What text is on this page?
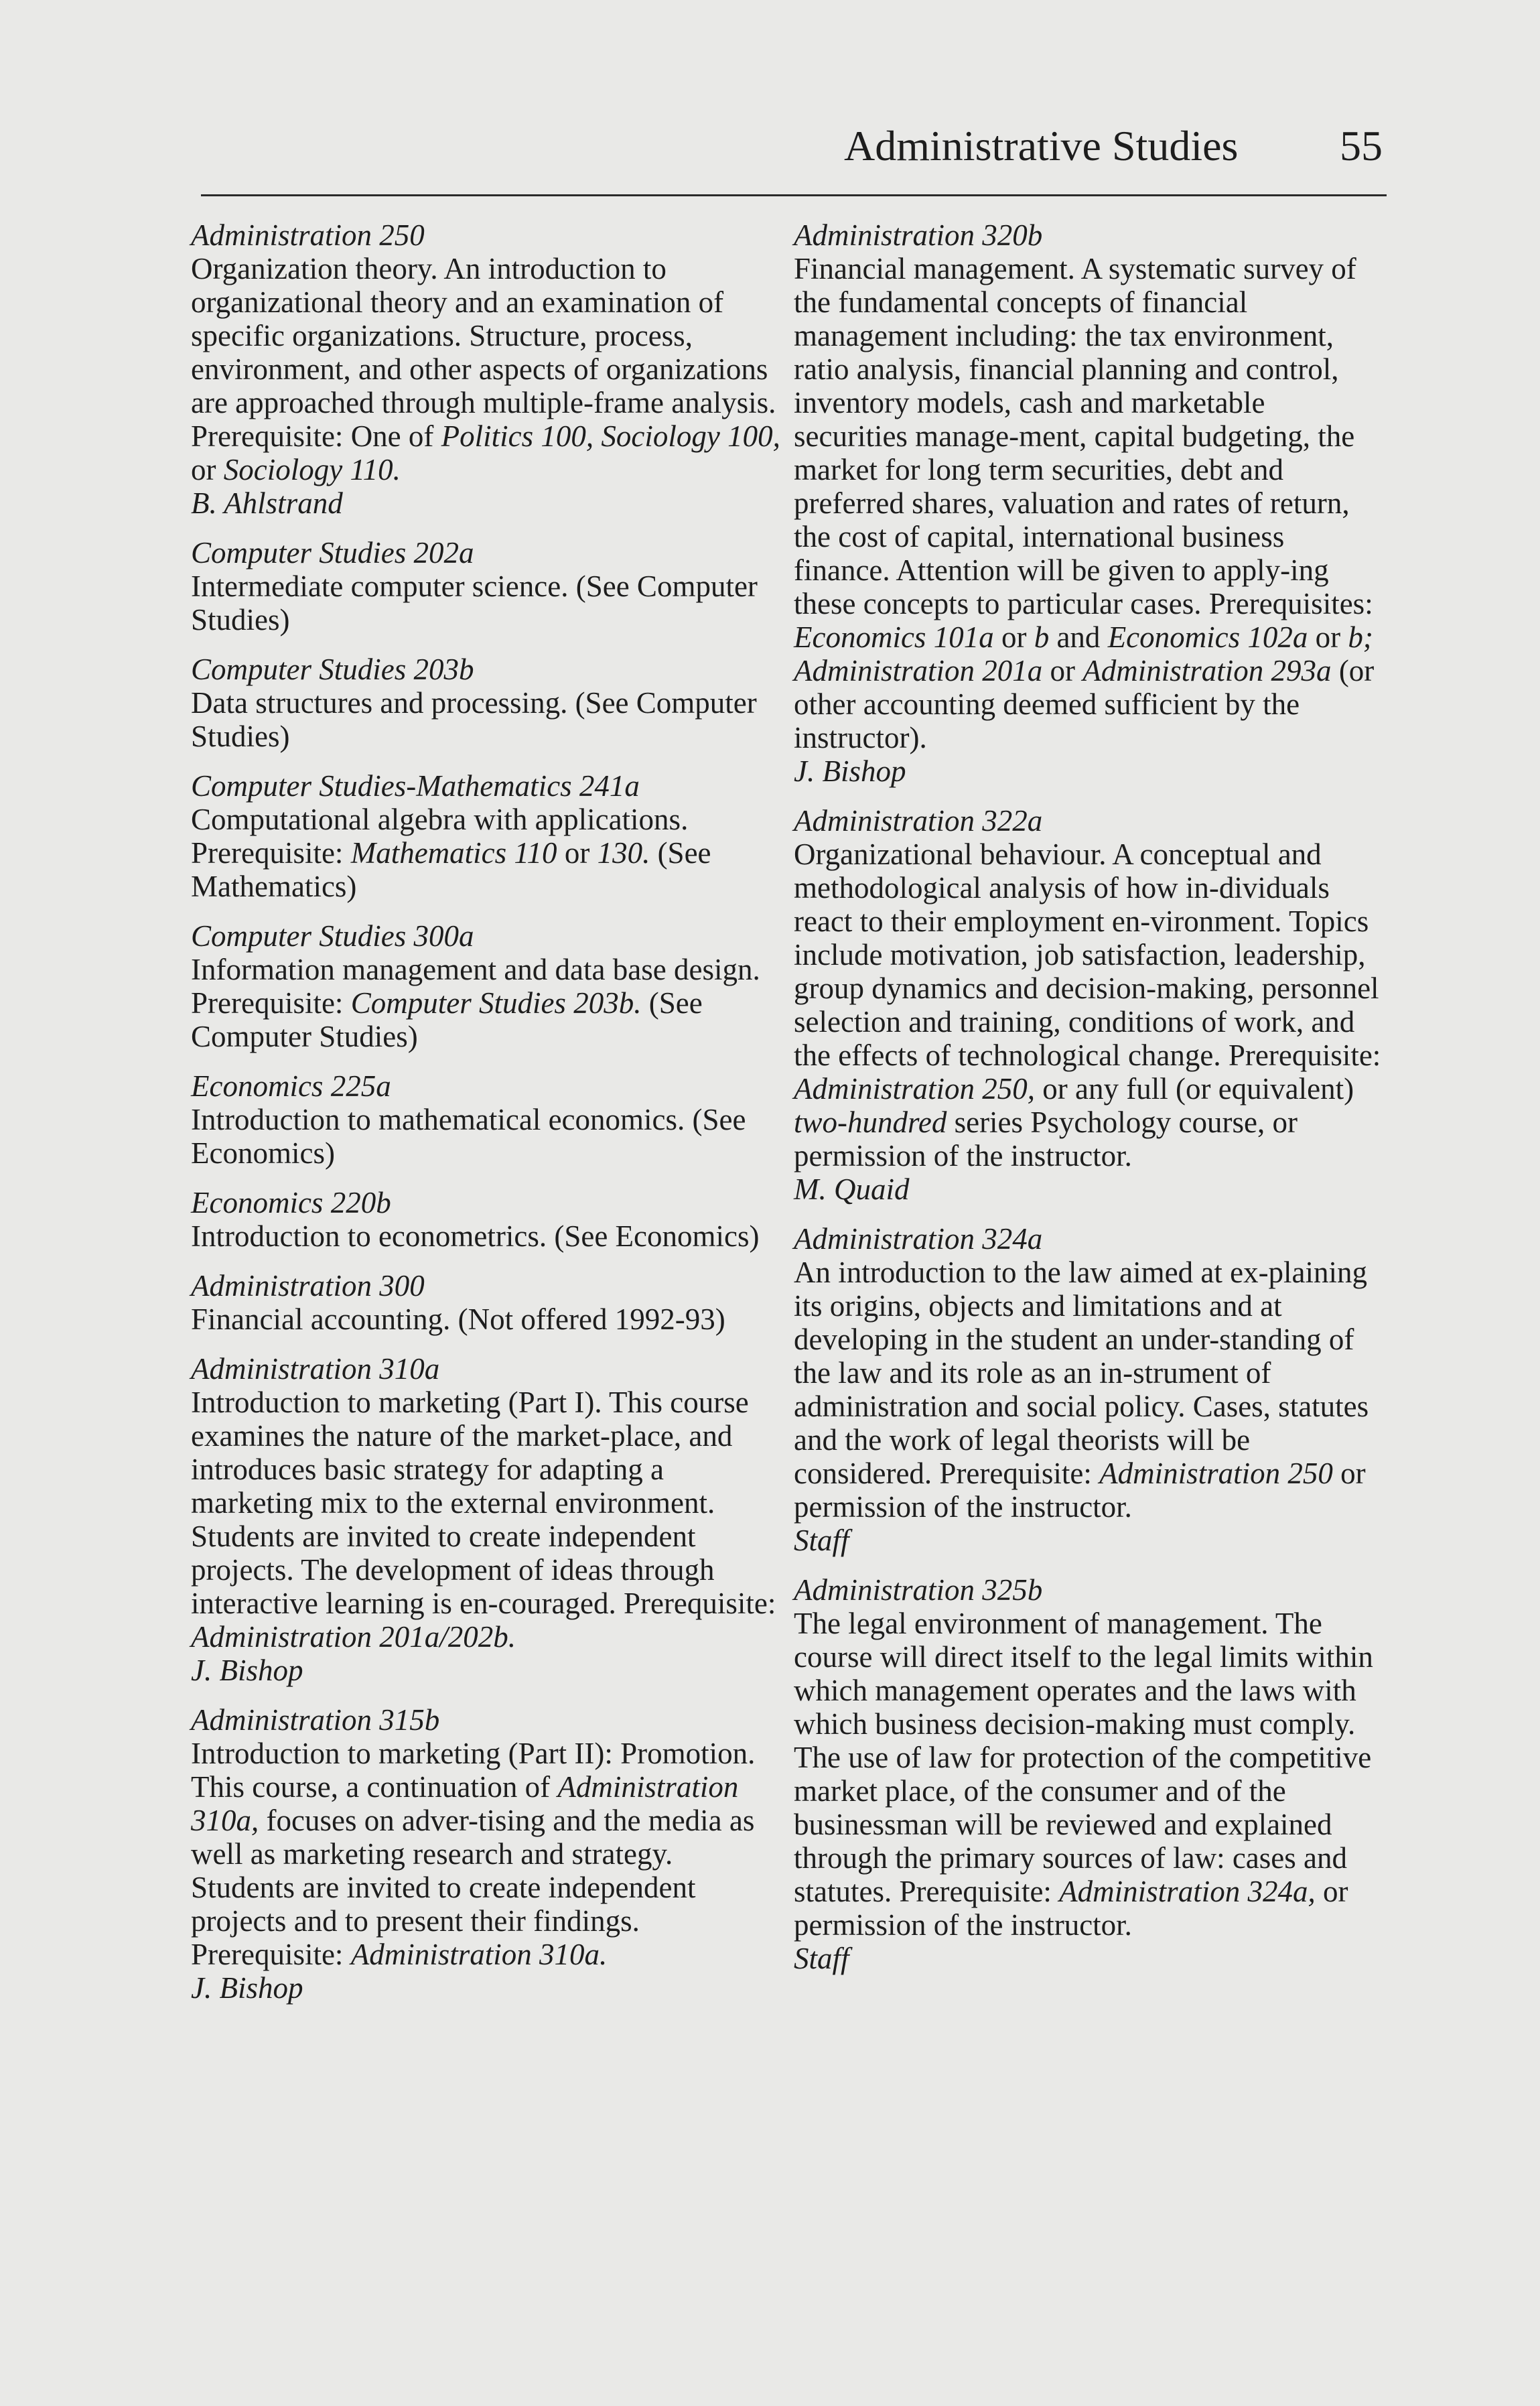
Administrative Studies 55
Administration 250
Organization theory. An introduction to organizational theory and an examination of specific organizations. Structure, process, environment, and other aspects of organizations are approached through multiple-frame analysis. Prerequisite: One of Politics 100, Sociology 100, or Sociology 110.
B. Ahlstrand
Computer Studies 202a
Intermediate computer science. (See Computer Studies)
Computer Studies 203b
Data structures and processing. (See Computer Studies)
Computer Studies-Mathematics 241a
Computational algebra with applications. Prerequisite: Mathematics 110 or 130. (See Mathematics)
Computer Studies 300a
Information management and data base design. Prerequisite: Computer Studies 203b. (See Computer Studies)
Economics 225a
Introduction to mathematical economics. (See Economics)
Economics 220b
Introduction to econometrics. (See Economics)
Administration 300
Financial accounting. (Not offered 1992-93)
Administration 310a
Introduction to marketing (Part I). This course examines the nature of the market-place, and introduces basic strategy for adapting a marketing mix to the external environment. Students are invited to create independent projects. The development of ideas through interactive learning is en-couraged. Prerequisite: Administration 201a/202b.
J. Bishop
Administration 315b
Introduction to marketing (Part II): Promotion. This course, a continuation of Administration 310a, focuses on adver-tising and the media as well as marketing research and strategy. Students are invited to create independent projects and to present their findings. Prerequisite: Administration 310a.
J. Bishop
Administration 320b
Financial management. A systematic survey of the fundamental concepts of financial management including: the tax environment, ratio analysis, financial planning and control, inventory models, cash and marketable securities manage-ment, capital budgeting, the market for long term securities, debt and preferred shares, valuation and rates of return, the cost of capital, international business finance. Attention will be given to apply-ing these concepts to particular cases. Prerequisites: Economics 101a or b and Economics 102a or b; Administration 201a or Administration 293a (or other accounting deemed sufficient by the instructor).
J. Bishop
Administration 322a
Organizational behaviour. A conceptual and methodological analysis of how in-dividuals react to their employment en-vironment. Topics include motivation, job satisfaction, leadership, group dynamics and decision-making, personnel selection and training, conditions of work, and the effects of technological change. Prerequisite: Administration 250, or any full (or equivalent) two-hundred series Psychology course, or permission of the instructor.
M. Quaid
Administration 324a
An introduction to the law aimed at ex-plaining its origins, objects and limitations and at developing in the student an under-standing of the law and its role as an in-strument of administration and social policy. Cases, statutes and the work of legal theorists will be considered. Prerequisite: Administration 250 or permission of the instructor.
Staff
Administration 325b
The legal environment of management. The course will direct itself to the legal limits within which management operates and the laws with which business decision-making must comply. The use of law for protection of the competitive market place, of the consumer and of the businessman will be reviewed and explained through the primary sources of law: cases and statutes. Prerequisite: Administration 324a, or permission of the instructor.
Staff
